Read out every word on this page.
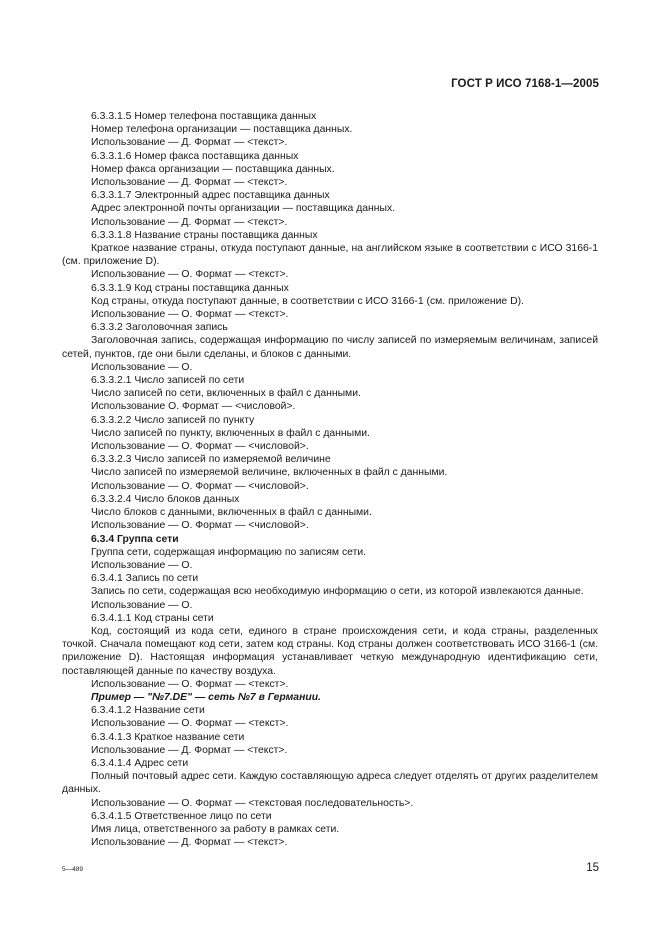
ГОСТ Р ИСО 7168-1—2005

6.3.3.1.5 Номер телефона поставщика данных

Номер телефона организации — поставщика данных.

Использование — Д. Формат — <текст>.

6.3.3.1.6 Номер факса поставщика данных

Номер факса организации — поставщика данных.

Использование — Д. Формат — <текст>.

6.3.3.1.7 Электронный адрес поставщика данных

Адрес электронной почты организации — поставщика данных.

Использование — Д. Формат — <текст>.

6.3.3.1.8 Название страны поставщика данных

Краткое название страны, откуда поступают данные, на английском языке в соответствии с ИСО 3166-1 (см. приложение D).

Использование — О. Формат — <текст>.

6.3.3.1.9 Код страны поставщика данных

Код страны, откуда поступают данные, в соответствии с ИСО 3166-1 (см. приложение D).

Использование — О. Формат — <текст>.

6.3.3.2 Заголовочная запись

Заголовочная запись, содержащая информацию по числу записей по измеряемым величинам, записей сетей, пунктов, где они были сделаны, и блоков с данными.

Использование — О.

6.3.3.2.1 Число записей по сети

Число записей по сети, включенных в файл с данными.

Использование О. Формат — <числовой>.

6.3.3.2.2 Число записей по пункту

Число записей по пункту, включенных в файл с данными.

Использование — О. Формат — <числовой>.

6.3.3.2.3 Число записей по измеряемой величине

Число записей по измеряемой величине, включенных в файл с данными.

Использование — О. Формат — <числовой>.

6.3.3.2.4 Число блоков данных

Число блоков с данными, включенных в файл с данными.

Использование — О. Формат — <числовой>.

6.3.4 Группа сети

Группа сети, содержащая информацию по записям сети.

Использование — О.

6.3.4.1 Запись по сети

Запись по сети, содержащая всю необходимую информацию о сети, из которой извлекаются данные.

Использование — О.

6.3.4.1.1 Код страны сети

Код, состоящий из кода сети, единого в стране происхождения сети, и кода страны, разделенных точкой. Сначала помещают код сети, затем код страны. Код страны должен соответствовать ИСО 3166-1 (см. приложение D). Настоящая информация устанавливает четкую международную идентификацию сети, поставляющей данные по качеству воздуха.

Использование — О. Формат — <текст>.

Пример — "№7.DE" — сеть №7 в Германии.

6.3.4.1.2 Название сети

Использование — О. Формат — <текст>.

6.3.4.1.3 Краткое название сети

Использование — Д. Формат — <текст>.

6.3.4.1.4 Адрес сети

Полный почтовый адрес сети. Каждую составляющую адреса следует отделять от других разделителем данных.

Использование — О. Формат — <текстовая последовательность>.

6.3.4.1.5 Ответственное лицо по сети

Имя лица, ответственного за работу в рамках сети.

Использование — Д. Формат — <текст>.

5—489	15
